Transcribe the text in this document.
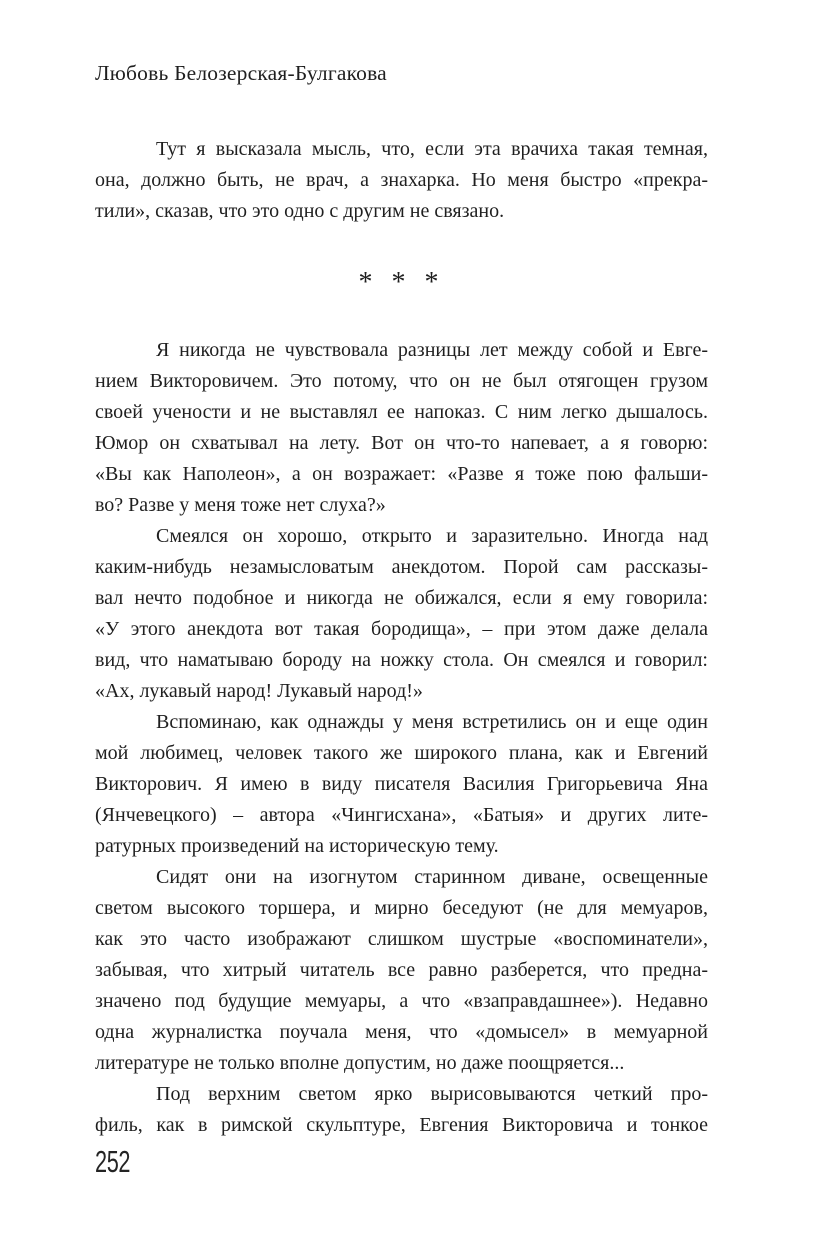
Любовь Белозерская-Булгакова
Тут я высказала мысль, что, если эта врачиха такая темная,
она, должно быть, не врач, а знахарка. Но меня быстро «прекра-
тили», сказав, что это одно с другим не связано.
* * *
Я никогда не чувствовала разницы лет между собой и Евге-
нием Викторовичем. Это потому, что он не был отягощен грузом
своей учености и не выставлял ее напоказ. С ним легко дышалось.
Юмор он схватывал на лету. Вот он что-то напевает, а я говорю:
«Вы как Наполеон», а он возражает: «Разве я тоже пою фальши-
во? Разве у меня тоже нет слуха?»
Смеялся он хорошо, открыто и заразительно. Иногда над
каким-нибудь незамысловатым анекдотом. Порой сам рассказы-
вал нечто подобное и никогда не обижался, если я ему говорила:
«У этого анекдота вот такая бородища», – при этом даже делала
вид, что наматываю бороду на ножку стола. Он смеялся и говорил:
«Ах, лукавый народ! Лукавый народ!»
Вспоминаю, как однажды у меня встретились он и еще один
мой любимец, человек такого же широкого плана, как и Евгений
Викторович. Я имею в виду писателя Василия Григорьевича Яна
(Янчевецкого) – автора «Чингисхана», «Батыя» и других лите-
ратурных произведений на историческую тему.
Сидят они на изогнутом старинном диване, освещенные
светом высокого торшера, и мирно беседуют (не для мемуаров,
как это часто изображают слишком шустрые «воспоминатели»,
забывая, что хитрый читатель все равно разберется, что предна-
значено под будущие мемуары, а что «взаправдашнее»). Недавно
одна журналистка поучала меня, что «домысел» в мемуарной
литературе не только вполне допустим, но даже поощряется...
Под верхним светом ярко вырисовываются четкий про-
филь, как в римской скульптуре, Евгения Викторовича и тонкое
252
